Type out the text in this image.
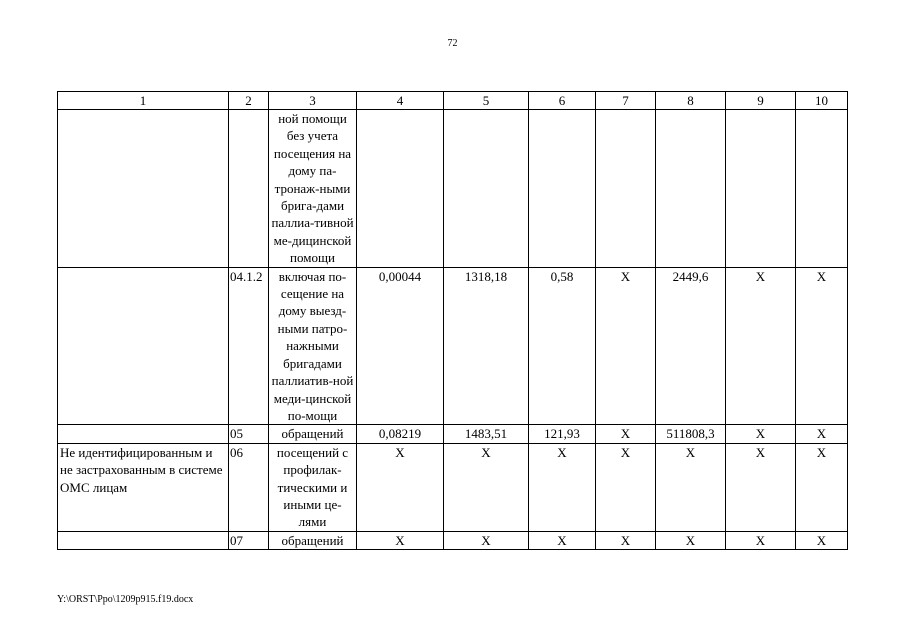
72
1	2	3	4	5	6	7	8	9	10
		ной помощи без учета посещения на дому па-тронаж-ными брига-дами паллиа-тивной ме-дицинской помощи							
	04.1.2	включая по-сещение на дому выезд-ными патро-нажными бригадами паллиатив-ной меди-цинской по-мощи	0,00044	1318,18	0,58	X	2449,6	X	X
	05	обращений	0,08219	1483,51	121,93	X	511808,3	X	X
Не идентифицированным и не застрахованным в системе ОМС лицам	06	посещений с профилак-тическими и иными це-лями	X	X	X	X	X	X	X
	07	обращений	X	X	X	X	X	X	X
Y:\ORST\Ppo\1209p915.f19.docx
